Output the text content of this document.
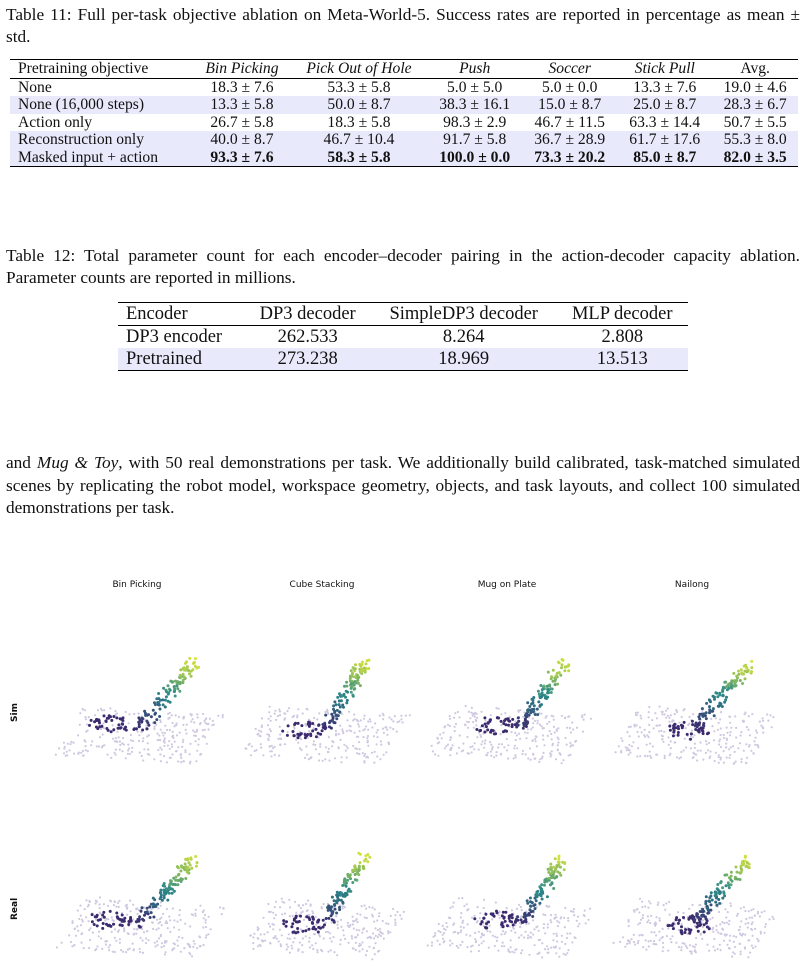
Table 11: Full per-task objective ablation on Meta-World-5. Success rates are reported in percentage as mean ± std.
Pretraining objective	Bin Picking	Pick Out of Hole	Push	Soccer	Stick Pull	Avg.
None	18.3 ± 7.6	53.3 ± 5.8	5.0 ± 5.0	5.0 ± 0.0	13.3 ± 7.6	19.0 ± 4.6
None (16,000 steps)	13.3 ± 5.8	50.0 ± 8.7	38.3 ± 16.1	15.0 ± 8.7	25.0 ± 8.7	28.3 ± 6.7
Action only	26.7 ± 5.8	18.3 ± 5.8	98.3 ± 2.9	46.7 ± 11.5	63.3 ± 14.4	50.7 ± 5.5
Reconstruction only	40.0 ± 8.7	46.7 ± 10.4	91.7 ± 5.8	36.7 ± 28.9	61.7 ± 17.6	55.3 ± 8.0
Masked input + action	93.3 ± 7.6	58.3 ± 5.8	100.0 ± 0.0	73.3 ± 20.2	85.0 ± 8.7	82.0 ± 3.5
Table 12: Total parameter count for each encoder–decoder pairing in the action-decoder capacity ablation. Parameter counts are reported in millions.
Encoder	DP3 decoder	SimpleDP3 decoder	MLP decoder
DP3 encoder	262.533	8.264	2.808
Pretrained	273.238	18.969	13.513
and Mug & Toy, with 50 real demonstrations per task. We additionally build calibrated, task-matched simulated scenes by replicating the robot model, workspace geometry, objects, and task layouts, and collect 100 simulated demonstrations per task.
Bin Picking	Cube Stacking	Mug on Plate	Nailong
Sim
Real
